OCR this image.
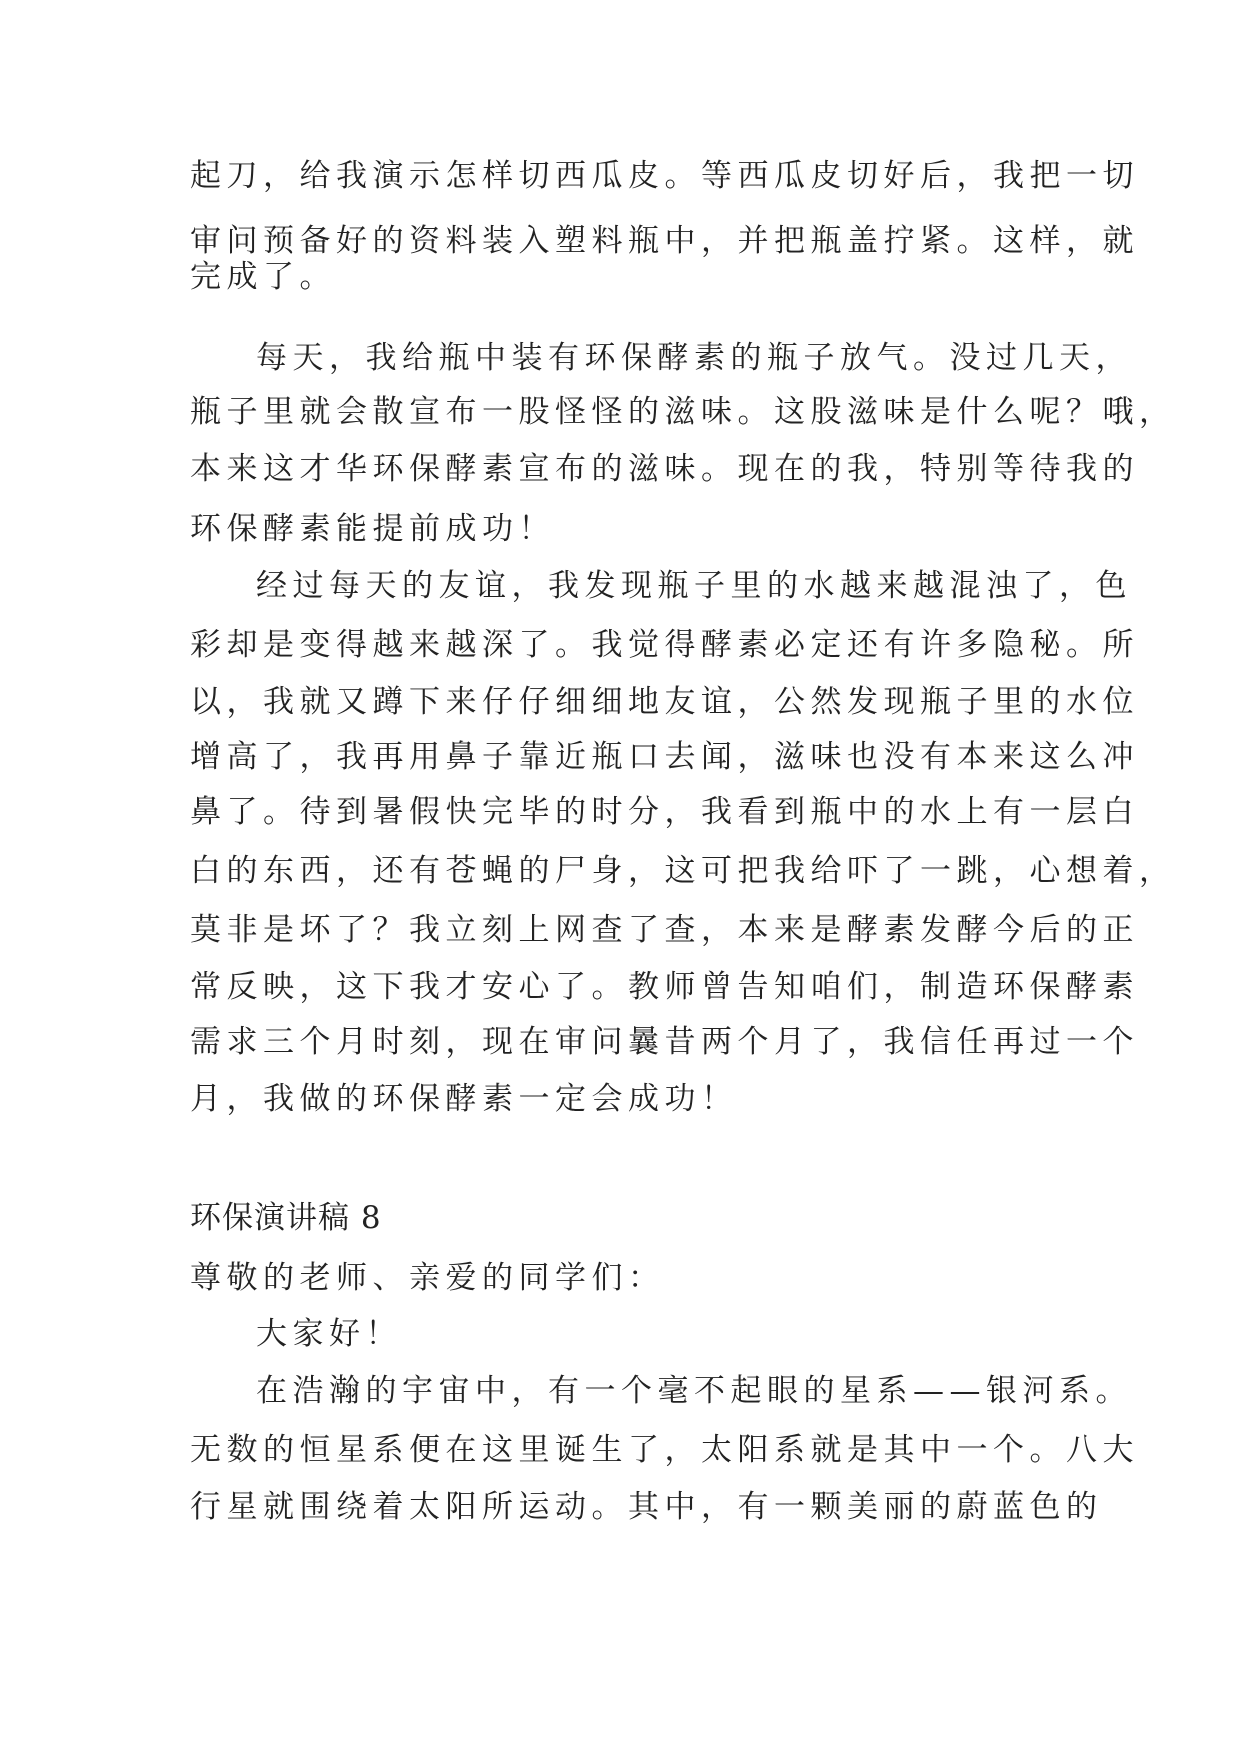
起刀，给我演示怎样切西瓜皮。等西瓜皮切好后，我把一切
审问预备好的资料装入塑料瓶中，并把瓶盖拧紧。这样，就
完成了。
每天，我给瓶中装有环保酵素的瓶子放气。没过几天，
瓶子里就会散宣布一股怪怪的滋味。这股滋味是什么呢？哦，
本来这才华环保酵素宣布的滋味。现在的我，特别等待我的
环保酵素能提前成功！
经过每天的友谊，我发现瓶子里的水越来越混浊了，色
彩却是变得越来越深了。我觉得酵素必定还有许多隐秘。所
以，我就又蹲下来仔仔细细地友谊，公然发现瓶子里的水位
增高了，我再用鼻子靠近瓶口去闻，滋味也没有本来这么冲
鼻了。待到暑假快完毕的时分，我看到瓶中的水上有一层白
白的东西，还有苍蝇的尸身，这可把我给吓了一跳，心想着，
莫非是坏了？我立刻上网查了查，本来是酵素发酵今后的正
常反映，这下我才安心了。教师曾告知咱们，制造环保酵素
需求三个月时刻，现在审问曩昔两个月了，我信任再过一个
月，我做的环保酵素一定会成功！
环保演讲稿 8
尊敬的老师、亲爱的同学们：
大家好！
在浩瀚的宇宙中，有一个毫不起眼的星系——银河系。
无数的恒星系便在这里诞生了，太阳系就是其中一个。八大
行星就围绕着太阳所运动。其中，有一颗美丽的蔚蓝色的
